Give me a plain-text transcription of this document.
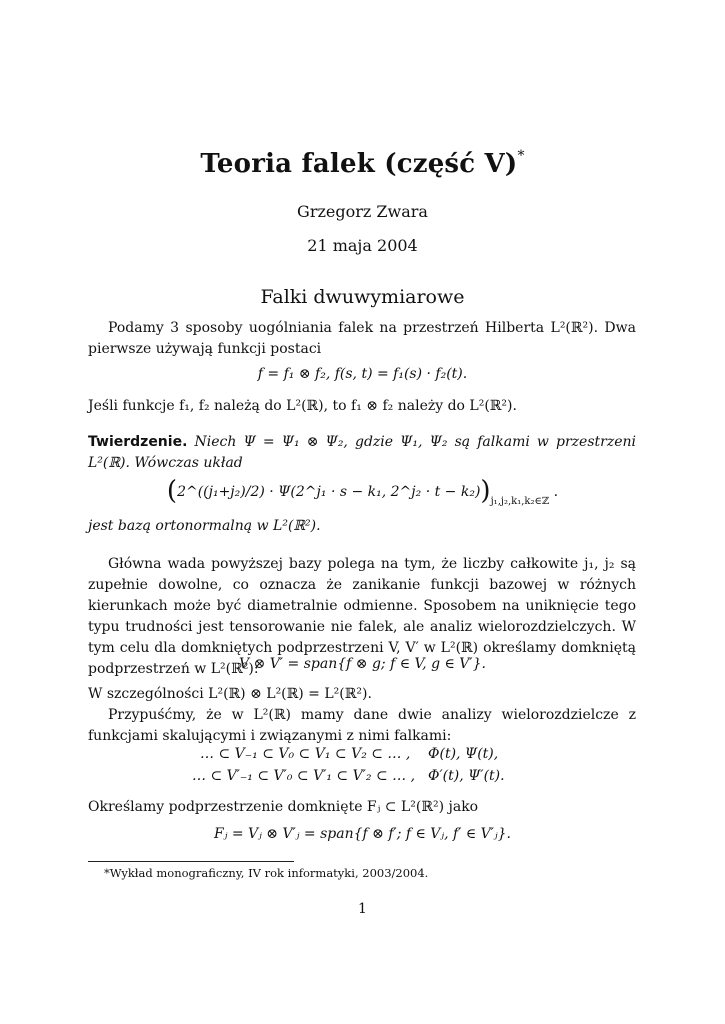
Teoria falek (część V)*
Grzegorz Zwara
21 maja 2004
Falki dwuwymiarowe
Podamy 3 sposoby uogólniania falek na przestrzeń Hilberta L²(ℝ²). Dwa pierwsze używają funkcji postaci
f = f₁ ⊗ f₂, f(s, t) = f₁(s) · f₂(t).
Jeśli funkcje f₁, f₂ należą do L²(ℝ), to f₁ ⊗ f₂ należy do L²(ℝ²).
Twierdzenie. Niech Ψ = Ψ₁ ⊗ Ψ₂, gdzie Ψ₁, Ψ₂ są falkami w przestrzeni L²(ℝ). Wówczas układ
(2^((j₁+j₂)/2) · Ψ(2^j₁ · s − k₁, 2^j₂ · $t - k_2))_{j_1,j_2,k_1,k_2\in ℤ}$ .
jest bazą ortonormalną w L²(ℝ²).
Główna wada powyższej bazy polega na tym, że liczby całkowite j₁, j₂ są zupełnie dowolne, co oznacza że zanikanie funkcji bazowej w różnych kierunkach może być diametralnie odmienne. Sposobem na uniknięcie tego typu trudności jest tensorowanie nie falek, ale analiz wielorozdzielczych. W tym celu dla domkniętych podprzestrzeni V, V′ w L²(ℝ) określamy domkniętą podprzestrzeń w L²(ℝ²):
V ⊗ V′ = span{f ⊗ g; f ∈ V, g ∈ V′}.
W szczególności L²(ℝ) ⊗ L²(ℝ) = L²(ℝ²).
Przypuśćmy, że w L²(ℝ) mamy dane dwie analizy wielorozdzielcze z funkcjami skalującymi i związanymi z nimi falkami:
… ⊂ V₋₁ ⊂ V₀ ⊂ V₁ ⊂ V₂ ⊂ … , Φ(t), Ψ(t),
… ⊂ V′₋₁ ⊂ V′₀ ⊂ V′₁ ⊂ V′₂ ⊂ … , Φ′(t), Ψ′(t).
Określamy podprzestrzenie domknięte Fⱼ ⊂ L²(ℝ²) jako
Fⱼ = Vⱼ ⊗ V′ⱼ = span{f ⊗ f′; f ∈ Vⱼ, f′ ∈ V′ⱼ}.
*Wykład monograficzny, IV rok informatyki, 2003/2004.
1
